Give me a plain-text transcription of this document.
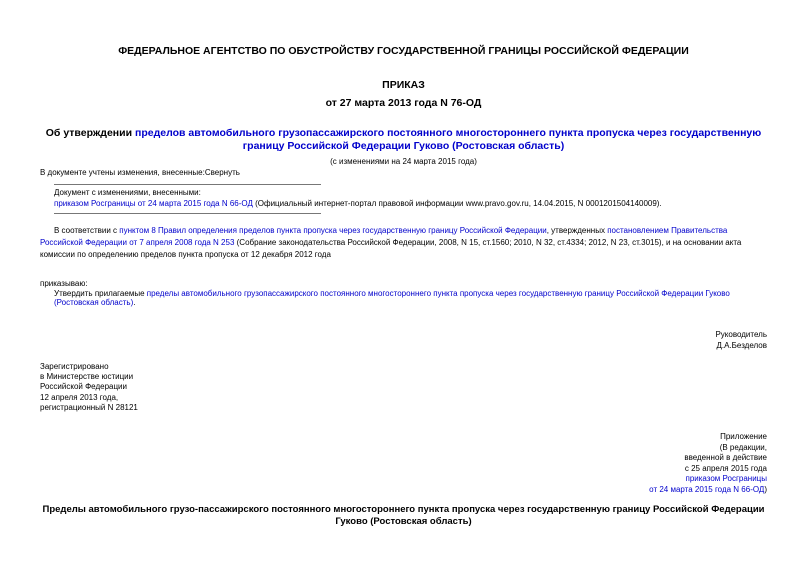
ФЕДЕРАЛЬНОЕ АГЕНТСТВО ПО ОБУСТРОЙСТВУ ГОСУДАРСТВЕННОЙ ГРАНИЦЫ РОССИЙСКОЙ ФЕДЕРАЦИИ
ПРИКАЗ
от 27 марта 2013 года N 76-ОД
Об утверждении пределов автомобильного грузопассажирского постоянного многостороннего пункта пропуска через государственную границу Российской Федерации Гуково (Ростовская область)
(с изменениями на 24 марта 2015 года)
В документе учтены изменения, внесенные:Свернуть
Документ с изменениями, внесенными:
приказом Росграницы от 24 марта 2015 года N 66-ОД (Официальный интернет-портал правовой информации www.pravo.gov.ru, 14.04.2015, N 0001201504140009).
В соответствии с пунктом 8 Правил определения пределов пункта пропуска через государственную границу Российской Федерации, утвержденных постановлением Правительства Российской Федерации от 7 апреля 2008 года N 253 (Собрание законодательства Российской Федерации, 2008, N 15, ст.1560; 2010, N 32, ст.4334; 2012, N 23, ст.3015), и на основании акта комиссии по определению пределов пункта пропуска от 12 декабря 2012 года
приказываю:
Утвердить прилагаемые пределы автомобильного грузопассажирского постоянного многостороннего пункта пропуска через государственную границу Российской Федерации Гуково (Ростовская область).
Руководитель
Д.А.Безделов
Зарегистрировано
в Министерстве юстиции
Российской Федерации
12 апреля 2013 года,
регистрационный N 28121
Приложение
(В редакции,
введенной в действие
с 25 апреля 2015 года
приказом Росграницы
от 24 марта 2015 года N 66-ОД)
Пределы автомобильного грузо-пассажирского постоянного многостороннего пункта пропуска через государственную границу Российской Федерации Гуково (Ростовская область)
